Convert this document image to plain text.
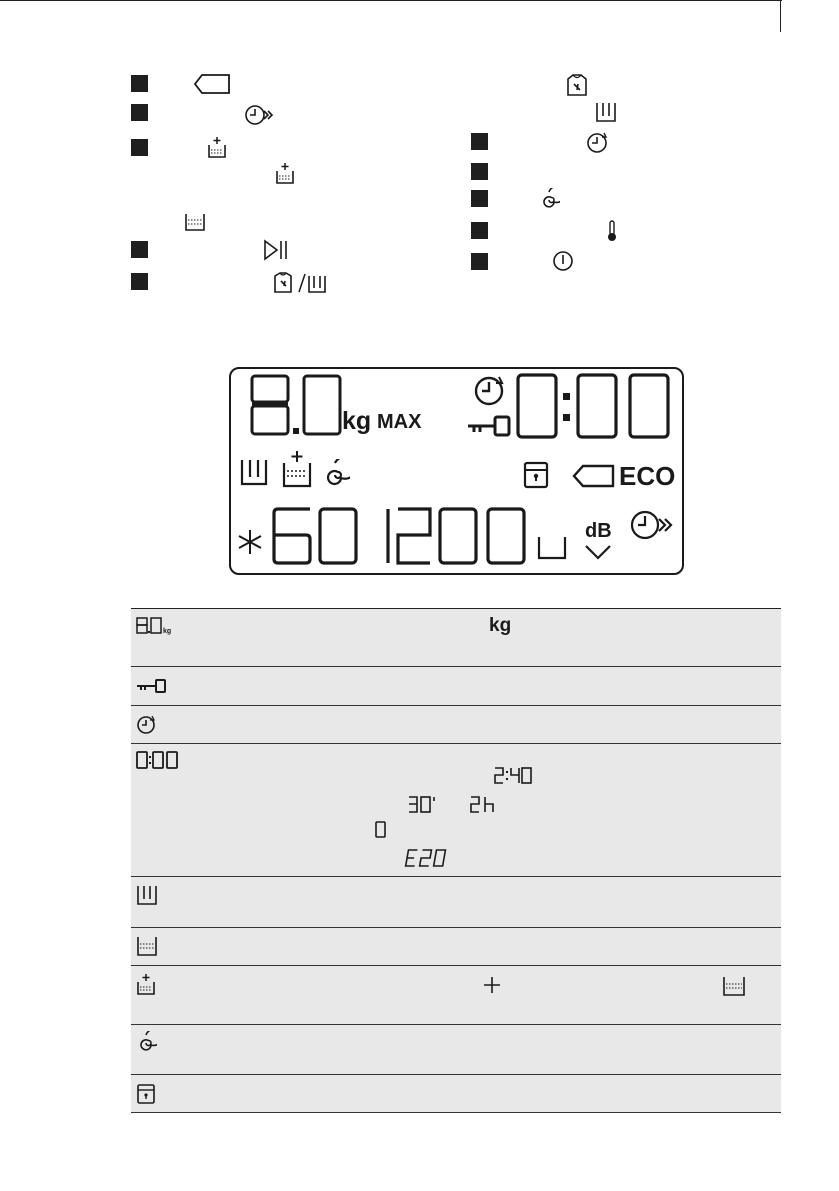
kg MAX
ECO
dB
kg	kg
